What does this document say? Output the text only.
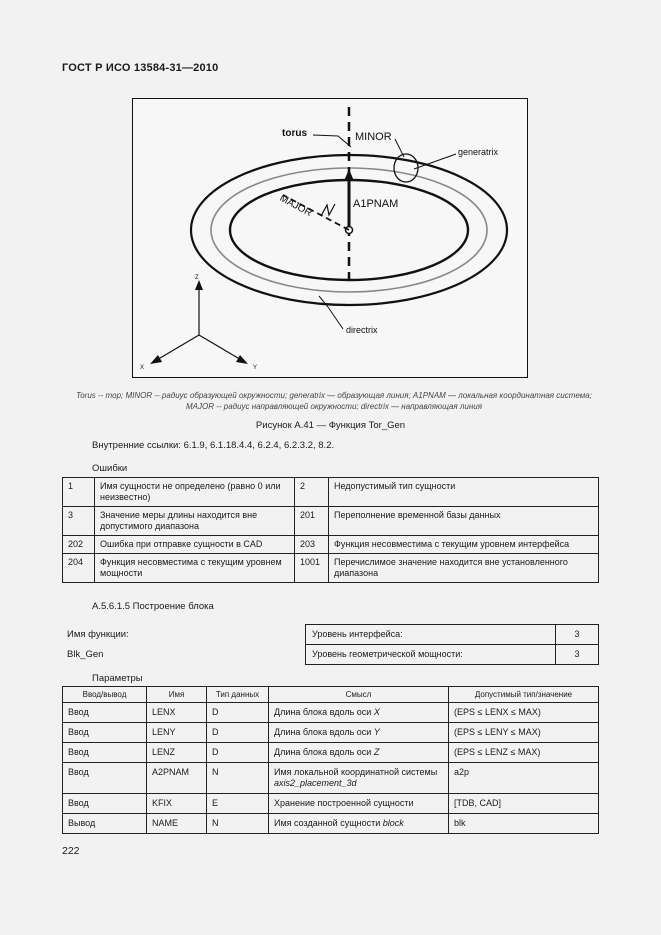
ГОСТ Р ИСО 13584-31—2010
torus	MINOR
generatrix
MAJOR	A1PNAM
directrix
Z
X	Y
Torus -- тор; MINOR -- радиус образующей окружности; generatrix — образующая линия; A1PNAM — локальная координатная система; MAJOR -- радиус направляющей окружности; directrix — направляющая линия
Рисунок А.41 — Функция Tor_Gen
Внутренние ссылки: 6.1.9, 6.1.18.4.4, 6.2.4, 6.2.3.2, 8.2.
Ошибки
1	Имя сущности не определено (равно 0 или неизвестно)	2	Недопустимый тип сущности
3	Значение меры длины находится вне допустимого диапазона	201	Переполнение временной базы данных
202	Ошибка при отправке сущности в CAD	203	Функция несовместима с текущим уровнем интерфейса
204	Функция несовместима с текущим уровнем мощности	1001	Перечислимое значение находится вне установленного диапазона
А.5.6.1.5 Построение блока
Имя функции:
Blk_Gen
Уровень интерфейса:	3
Уровень геометрической мощности:	3
Параметры
Ввод/вывод	Имя	Тип данных	Смысл	Допустимый тип/значение
Ввод	LENX	D	Длина блока вдоль оси X	(EPS ≤ LENX ≤ MAX)
Ввод	LENY	D	Длина блока вдоль оси Y	(EPS ≤ LENY ≤ MAX)
Ввод	LENZ	D	Длина блока вдоль оси Z	(EPS ≤ LENZ ≤ MAX)
Ввод	A2PNAM	N	Имя локальной координатной системы axis2_placement_3d	a2p
Ввод	KFIX	E	Хранение построенной сущности	[TDB, CAD]
Вывод	NAME	N	Имя созданной сущности block	blk
222
